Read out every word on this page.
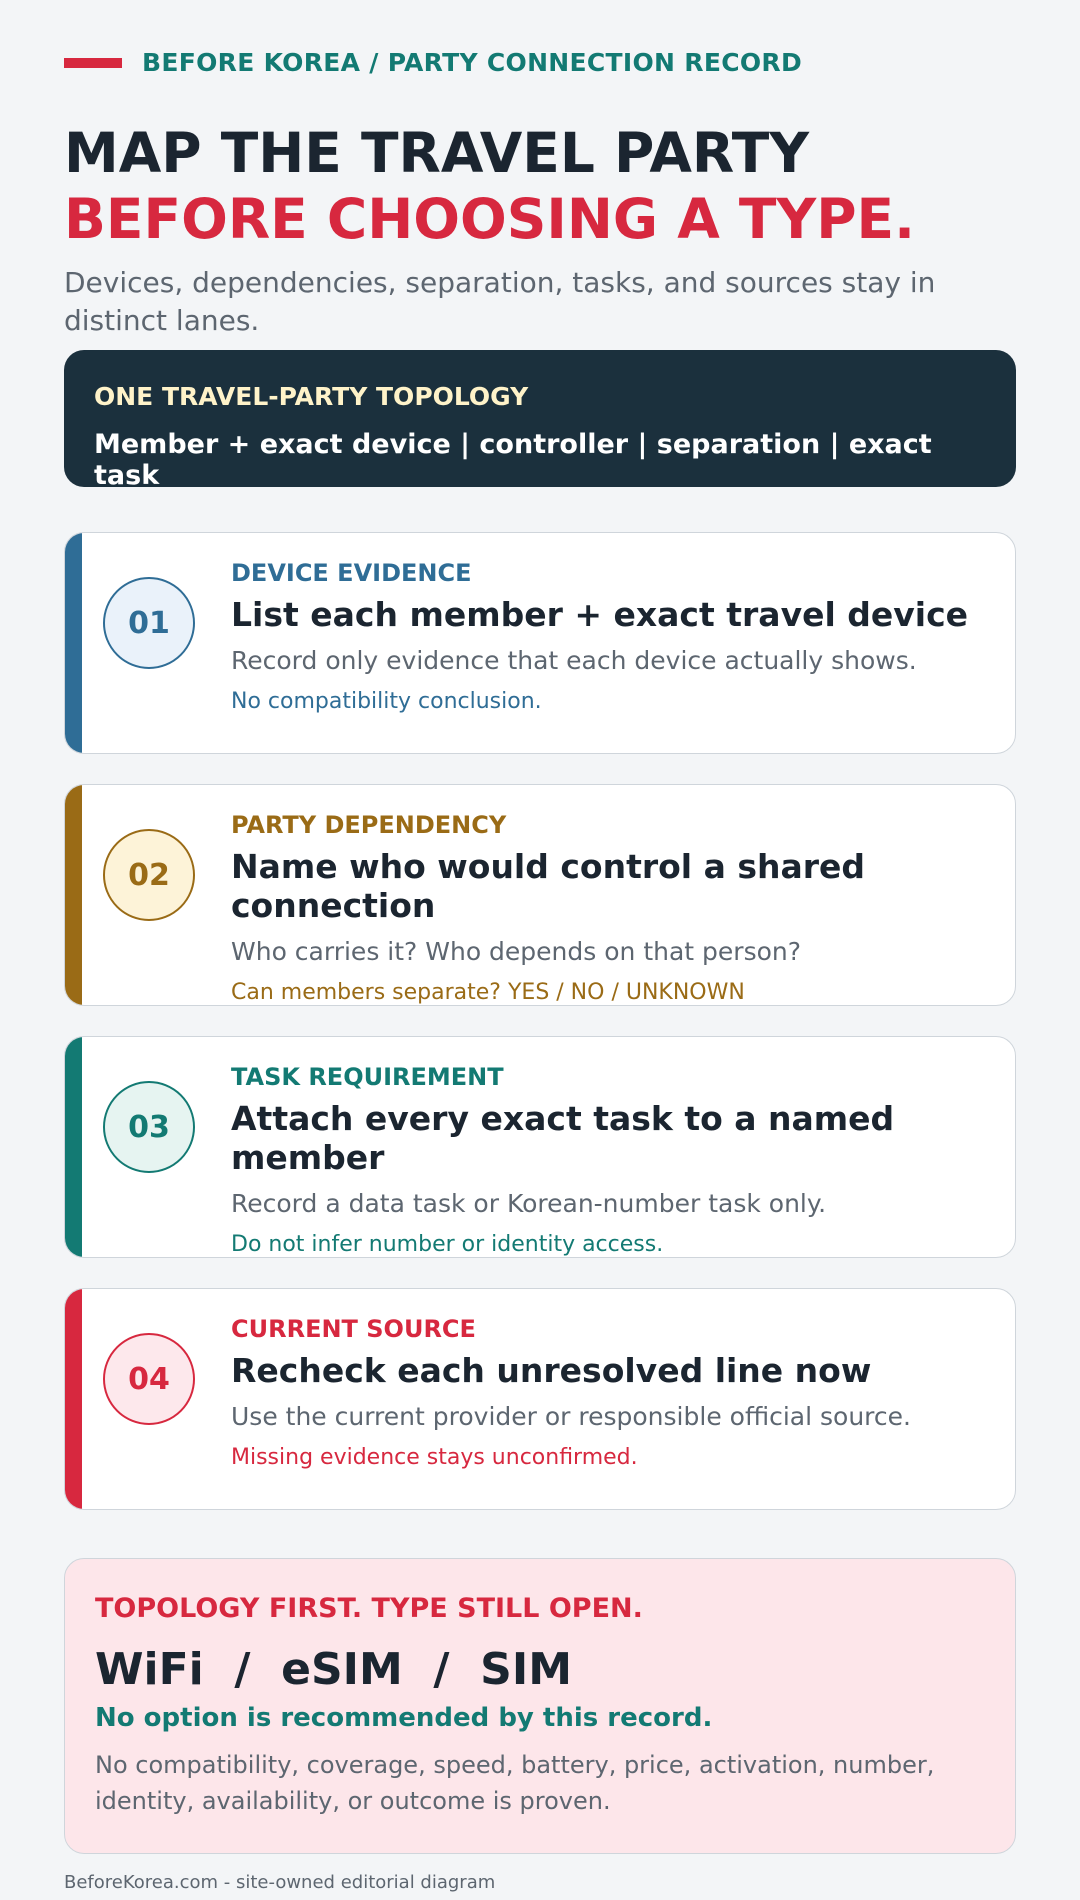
BEFORE KOREA / PARTY CONNECTION RECORD
MAP THE TRAVEL PARTY
BEFORE CHOOSING A TYPE.
Devices, dependencies, separation, tasks, and sources stay in distinct lanes.
ONE TRAVEL-PARTY TOPOLOGY
Member + exact device | controller | separation | exact task
01
DEVICE EVIDENCE
List each member + exact travel device
Record only evidence that each device actually shows.
No compatibility conclusion.
02
PARTY DEPENDENCY
Name who would control a shared connection
Who carries it? Who depends on that person?
Can members separate? YES / NO / UNKNOWN
03
TASK REQUIREMENT
Attach every exact task to a named member
Record a data task or Korean-number task only.
Do not infer number or identity access.
04
CURRENT SOURCE
Recheck each unresolved line now
Use the current provider or responsible official source.
Missing evidence stays unconfirmed.
TOPOLOGY FIRST. TYPE STILL OPEN.
WiFi  /  eSIM  /  SIM
No option is recommended by this record.
No compatibility, coverage, speed, battery, price, activation, number, identity, availability, or outcome is proven.
BeforeKorea.com - site-owned editorial diagram
